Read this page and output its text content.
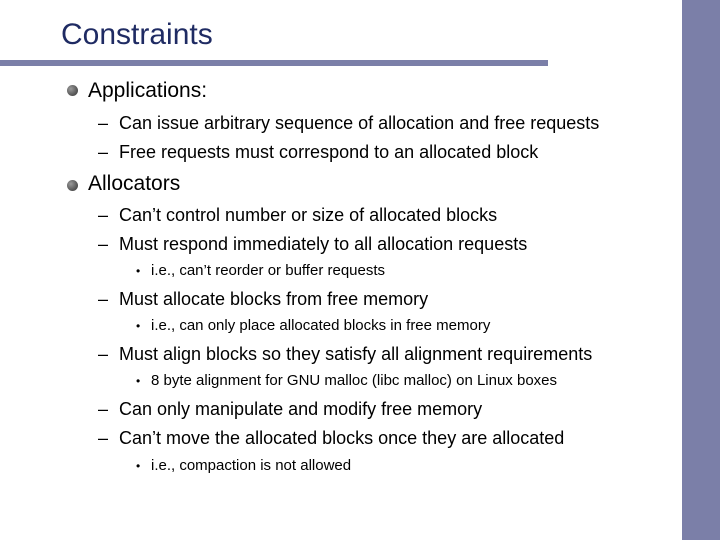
Constraints
Applications:
– Can issue arbitrary sequence of allocation and free requests
– Free requests must correspond to an allocated block
Allocators
– Can’t control number or size of allocated blocks
– Must respond immediately to all allocation requests
• i.e., can’t reorder or buffer requests
– Must allocate blocks from free memory
• i.e., can only place allocated blocks in free memory
– Must align blocks so they satisfy all alignment requirements
• 8 byte alignment for GNU malloc (libc malloc) on Linux boxes
– Can only manipulate and modify free memory
– Can’t move the allocated blocks once they are allocated
• i.e., compaction is not allowed
